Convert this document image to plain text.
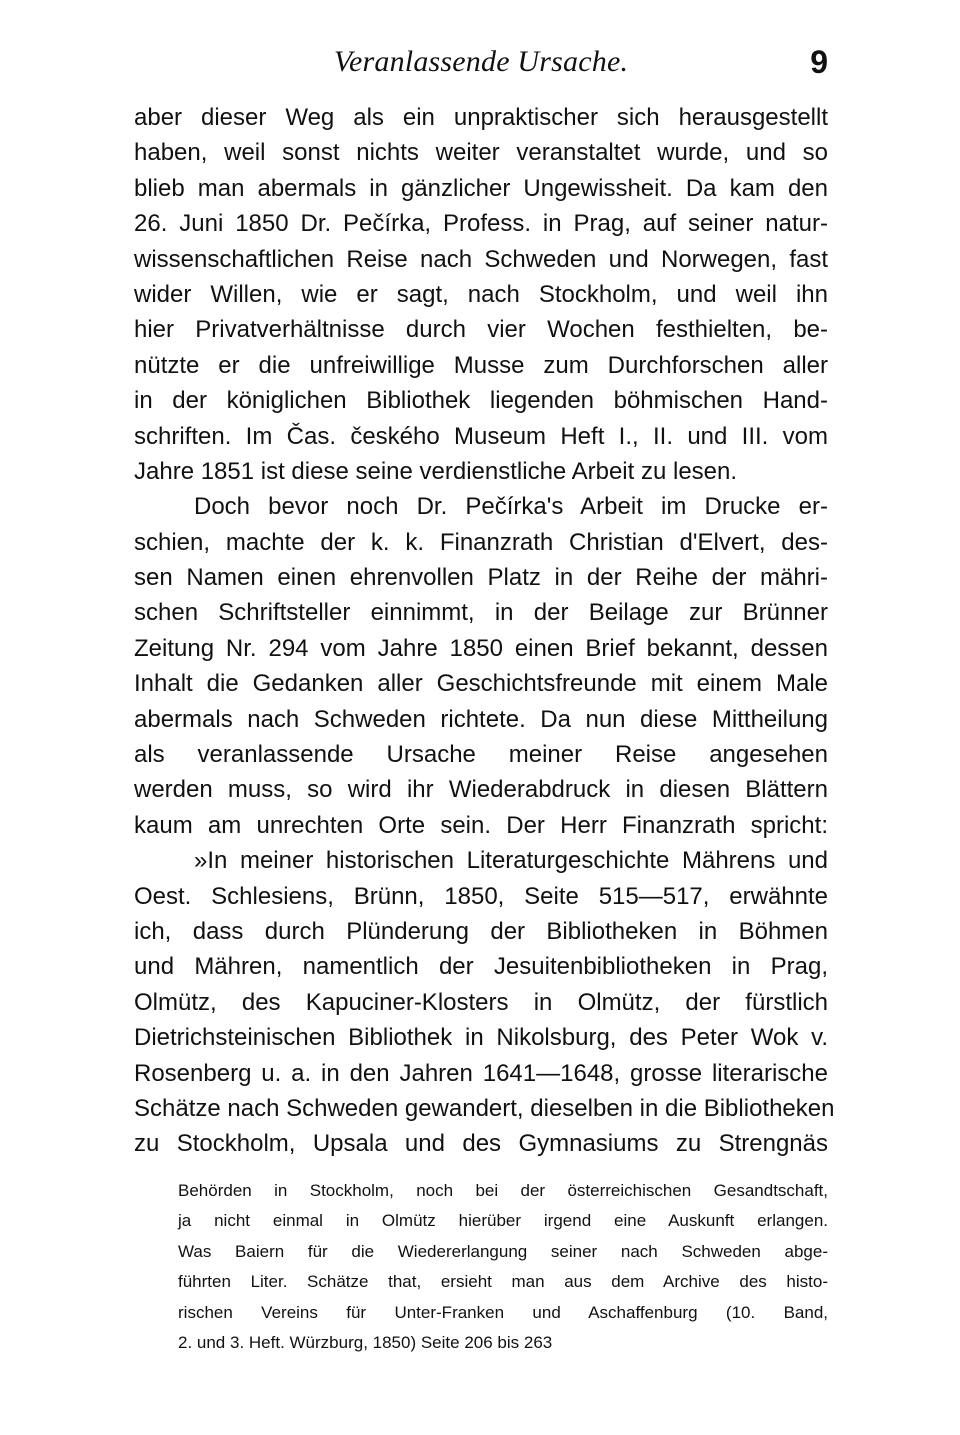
Veranlassende Ursache.	9
aber dieser Weg als ein unpraktischer sich herausgestellt
haben, weil sonst nichts weiter veranstaltet wurde, und so
blieb man abermals in gänzlicher Ungewissheit. Da kam den
26. Juni 1850 Dr. Pečírka, Profess. in Prag, auf seiner natur-
wissenschaftlichen Reise nach Schweden und Norwegen, fast
wider Willen, wie er sagt, nach Stockholm, und weil ihn
hier Privatverhältnisse durch vier Wochen festhielten, be-
nützte er die unfreiwillige Musse zum Durchforschen aller
in der königlichen Bibliothek liegenden böhmischen Hand-
schriften. Im Čas. českého Museum Heft I., II. und III. vom
Jahre 1851 ist diese seine verdienstliche Arbeit zu lesen.
Doch bevor noch Dr. Pečírka's Arbeit im Drucke er-
schien, machte der k. k. Finanzrath Christian d'Elvert, des-
sen Namen einen ehrenvollen Platz in der Reihe der mähri-
schen Schriftsteller einnimmt, in der Beilage zur Brünner
Zeitung Nr. 294 vom Jahre 1850 einen Brief bekannt, dessen
Inhalt die Gedanken aller Geschichtsfreunde mit einem Male
abermals nach Schweden richtete. Da nun diese Mittheilung
als veranlassende Ursache meiner Reise angesehen
werden muss, so wird ihr Wiederabdruck in diesen Blättern
kaum am unrechten Orte sein. Der Herr Finanzrath spricht:
»In meiner historischen Literaturgeschichte Mährens und
Oest. Schlesiens, Brünn, 1850, Seite 515—517, erwähnte
ich, dass durch Plünderung der Bibliotheken in Böhmen
und Mähren, namentlich der Jesuitenbibliotheken in Prag,
Olmütz, des Kapuciner-Klosters in Olmütz, der fürstlich
Dietrichsteinischen Bibliothek in Nikolsburg, des Peter Wok v.
Rosenberg u. a. in den Jahren 1641—1648, grosse literarische
Schätze nach Schweden gewandert, dieselben in die Bibliotheken
zu Stockholm, Upsala und des Gymnasiums zu Strengnäs
Behörden in Stockholm, noch bei der österreichischen Gesandtschaft,
ja nicht einmal in Olmütz hierüber irgend eine Auskunft erlangen.
Was Baiern für die Wiedererlangung seiner nach Schweden abge-
führten Liter. Schätze that, ersieht man aus dem Archive des histo-
rischen Vereins für Unter-Franken und Aschaffenburg (10. Band,
2. und 3. Heft. Würzburg, 1850) Seite 206 bis 263
